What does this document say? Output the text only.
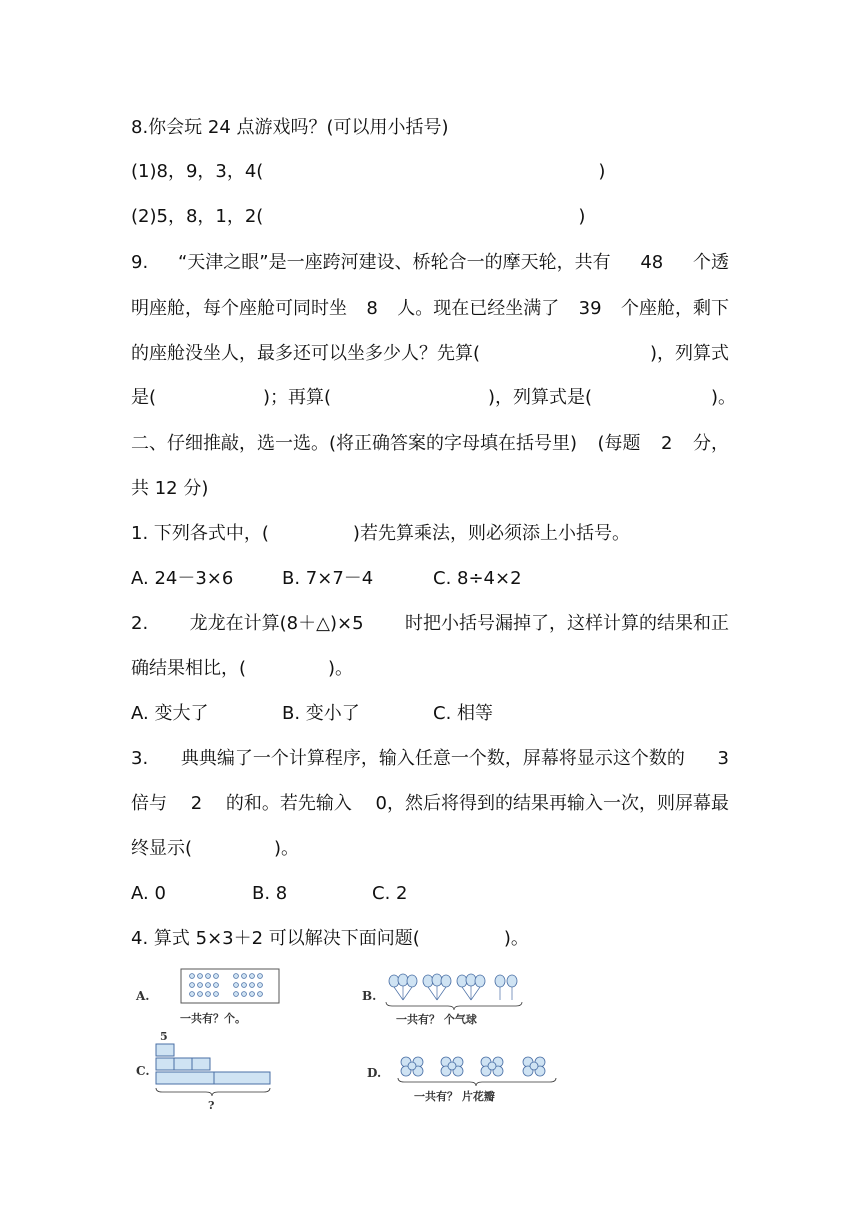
8.你会玩 24 点游戏吗？(可以用小括号)
(1)8，9，3，4(	)
(2)5，8，1，2(	)
9. “天津之眼”是一座跨河建设、桥轮合一的摩天轮，共有 48 个透
明座舱，每个座舱可同时坐 8 人。现在已经坐满了 39 个座舱，剩下
的座舱没坐人，最多还可以坐多少人？先算(	)，列算式
是(	)；再算(	)，列算式是(	)。
二、仔细推敲，选一选。(将正确答案的字母填在括号里) (每题 2 分，
共 12 分)
1. 下列各式中，(	)若先算乘法，则必须添上小括号。
A. 24－3×6	B. 7×7－4	C. 8÷4×2
2. 龙龙在计算(8＋△)×5 时把小括号漏掉了，这样计算的结果和正
确结果相比，(	)。
A. 变大了	B. 变小了	C. 相等
3. 典典编了一个计算程序，输入任意一个数，屏幕将显示这个数的 3
倍与 2 的和。若先输入 0，然后将得到的结果再输入一次，则屏幕最
终显示(	)。
A. 0	B. 8	C. 2
4. 算式 5×3＋2 可以解决下面问题(	)。
A.
一共有？个。
B.
一共有？ 个气球
C.
5
?
D.
一共有？ 片花瓣
